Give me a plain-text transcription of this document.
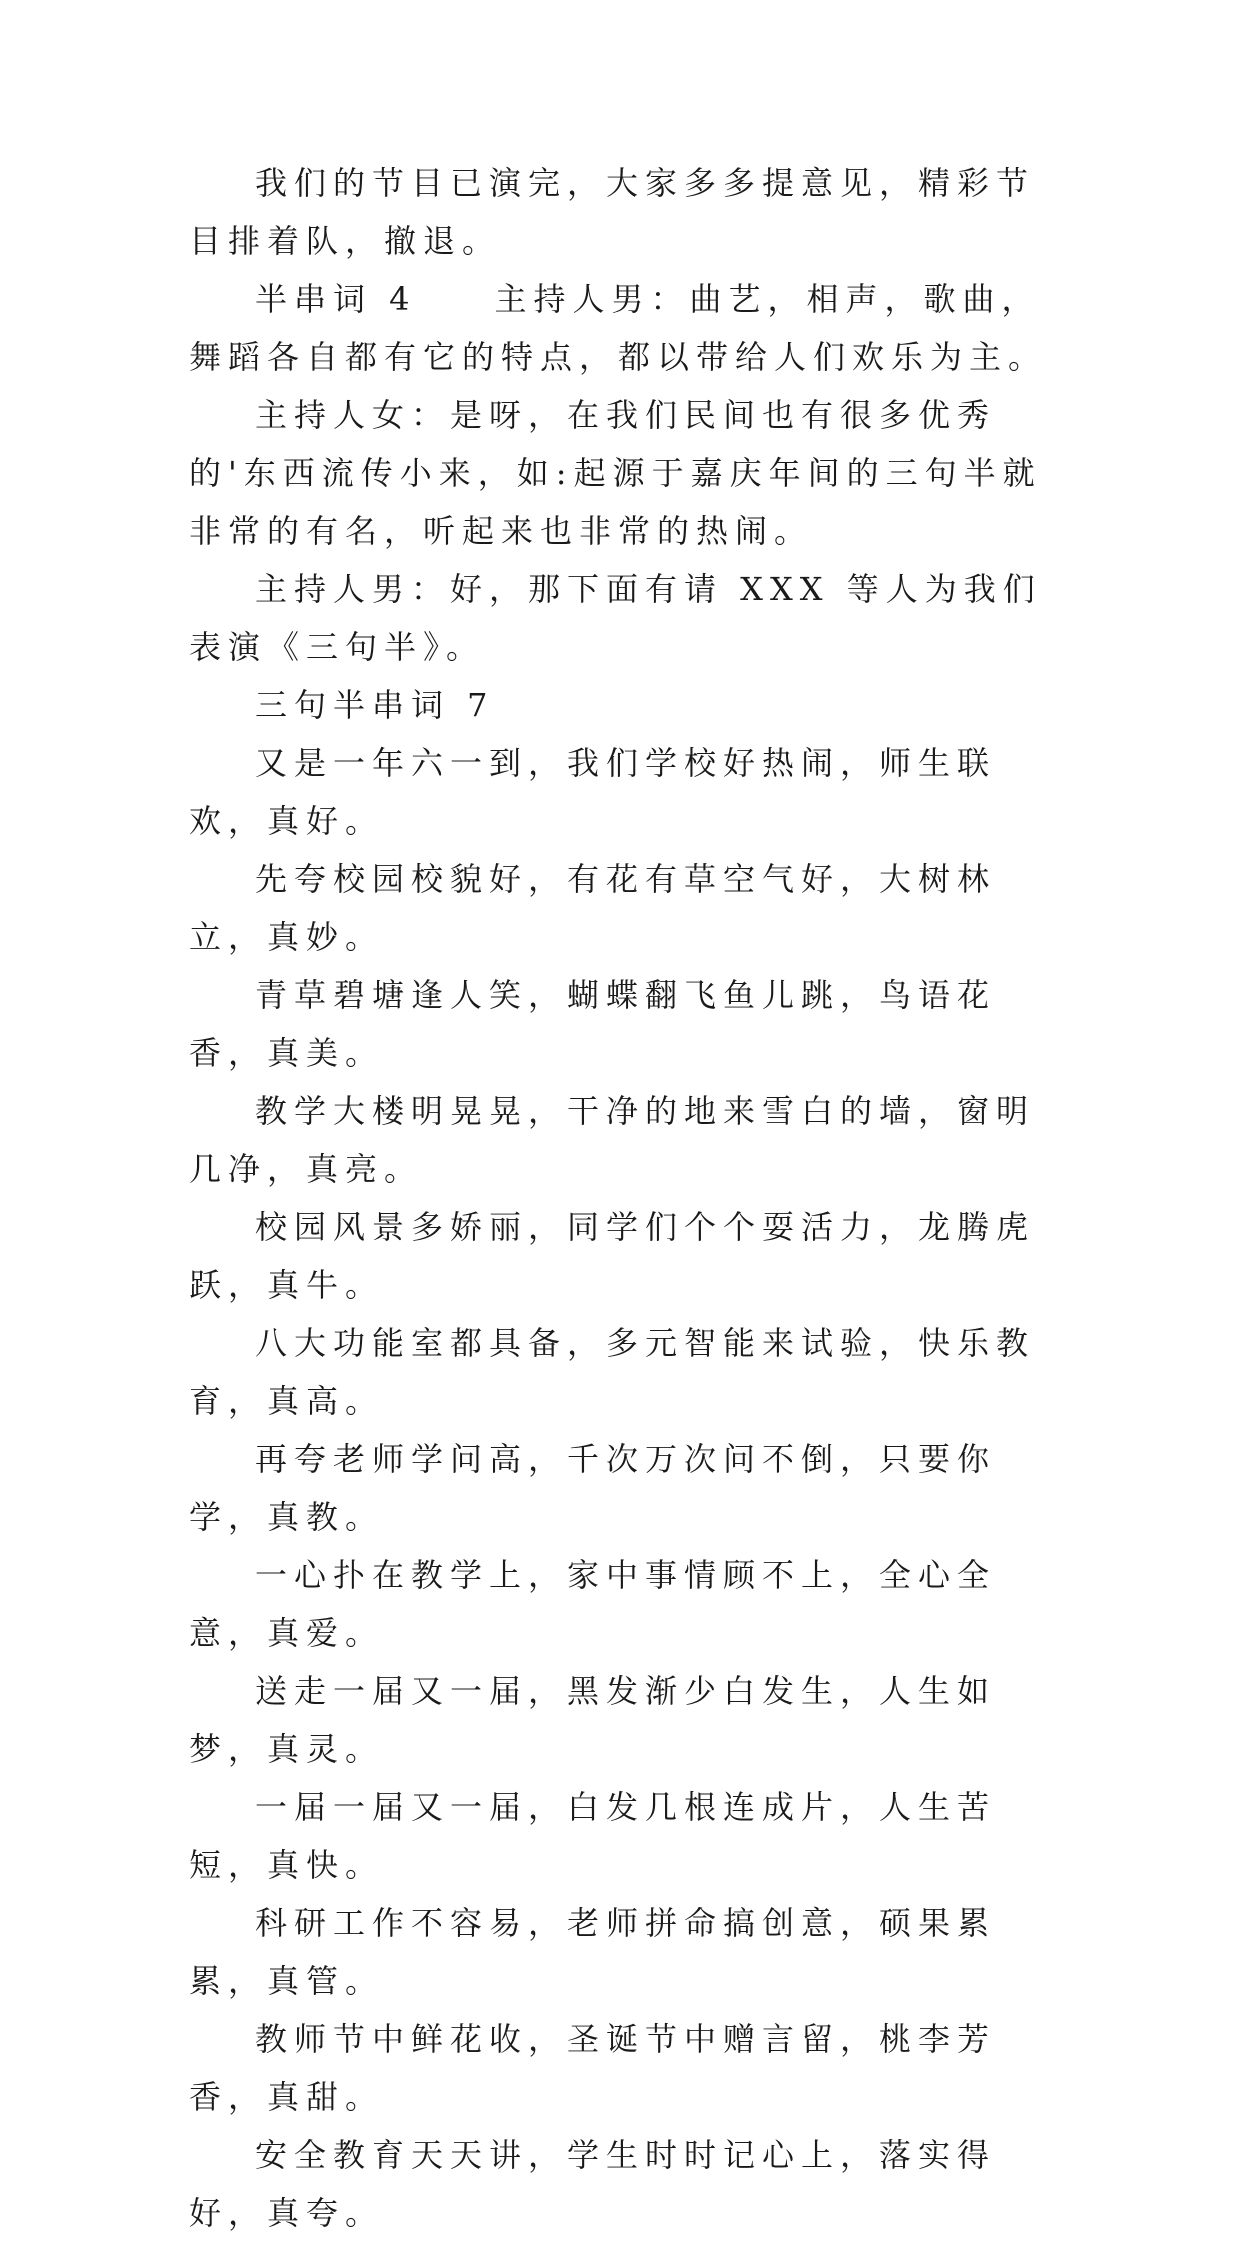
我们的节目已演完，大家多多提意见，精彩节目排着队，撤退。

半串词 4　　主持人男：曲艺，相声，歌曲，舞蹈各自都有它的特点，都以带给人们欢乐为主。

主持人女：是呀，在我们民间也有很多优秀的'东西流传小来，如:起源于嘉庆年间的三句半就非常的有名，听起来也非常的热闹。

主持人男：好，那下面有请 XXX 等人为我们表演《三句半》。

三句半串词 7

又是一年六一到，我们学校好热闹，师生联欢，真好。

先夸校园校貌好，有花有草空气好，大树林立，真妙。

青草碧塘逢人笑，蝴蝶翻飞鱼儿跳，鸟语花香，真美。

教学大楼明晃晃，干净的地来雪白的墙，窗明几净，真亮。

校园风景多娇丽，同学们个个耍活力，龙腾虎跃，真牛。

八大功能室都具备，多元智能来试验，快乐教育，真高。

再夸老师学问高，千次万次问不倒，只要你学，真教。

一心扑在教学上，家中事情顾不上，全心全意，真爱。

送走一届又一届，黑发渐少白发生，人生如梦，真灵。

一届一届又一届，白发几根连成片，人生苦短，真快。

科研工作不容易，老师拼命搞创意，硕果累累，真管。

教师节中鲜花收，圣诞节中赠言留，桃李芳香，真甜。

安全教育天天讲，学生时时记心上，落实得好，真夸。
